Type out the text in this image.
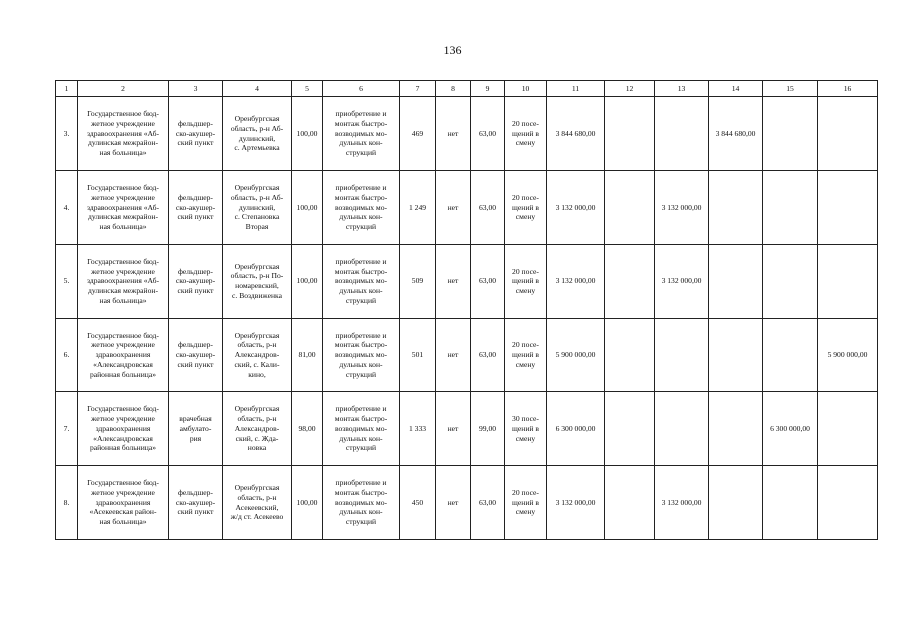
136
1	2	3	4	5	6	7	8	9	10	11	12	13	14	15	16
3.	Государственное бюд-
жетное учреждение
здравоохранения «Аб-
дулинская межрайон-
ная больница»	фельдшер-
ско-акушер-
ский пункт	Оренбургская
область, р-н Аб-
дулинский,
с. Артемьевка	100,00	приобретение и
монтаж быстро-
возводимых мо-
дульных кон-
струкций	469	нет	63,00	20 посе-
щений в
смену	3 844 680,00			3 844 680,00		
4.	Государственное бюд-
жетное учреждение
здравоохранения «Аб-
дулинская межрайон-
ная больница»	фельдшер-
ско-акушер-
ский пункт	Оренбургская
область, р-н Аб-
дулинский,
с. Степановка
Вторая	100,00	приобретение и
монтаж быстро-
возводимых мо-
дульных кон-
струкций	1 249	нет	63,00	20 посе-
щений в
смену	3 132 000,00		3 132 000,00			
5.	Государственное бюд-
жетное учреждение
здравоохранения «Аб-
дулинская межрайон-
ная больница»	фельдшер-
ско-акушер-
ский пункт	Оренбургская
область, р-н По-
номаревский,
с. Воздвиженка	100,00	приобретение и
монтаж быстро-
возводимых мо-
дульных кон-
струкций	509	нет	63,00	20 посе-
щений в
смену	3 132 000,00		3 132 000,00			
6.	Государственное бюд-
жетное учреждение
здравоохранения
«Александровская
районная больница»	фельдшер-
ско-акушер-
ский пункт	Оренбургская
область, р-н
Александров-
ский, с. Кали-
кино,	81,00	приобретение и
монтаж быстро-
возводимых мо-
дульных кон-
струкций	501	нет	63,00	20 посе-
щений в
смену	5 900 000,00					5 900 000,00
7.	Государственное бюд-
жетное учреждение
здравоохранения
«Александровская
районная больница»	врачебная
амбулато-
рия	Оренбургская
область, р-н
Александров-
ский, с. Жда-
новка	98,00	приобретение и
монтаж быстро-
возводимых мо-
дульных кон-
струкций	1 333	нет	99,00	30 посе-
щений в
смену	6 300 000,00				6 300 000,00	
8.	Государственное бюд-
жетное учреждение
здравоохранения
«Асекеевская район-
ная больница»	фельдшер-
ско-акушер-
ский пункт	Оренбургская
область, р-н
Асекеевский,
ж/д ст. Асекеево	100,00	приобретение и
монтаж быстро-
возводимых мо-
дульных кон-
струкций	450	нет	63,00	20 посе-
щений в
смену	3 132 000,00		3 132 000,00			
